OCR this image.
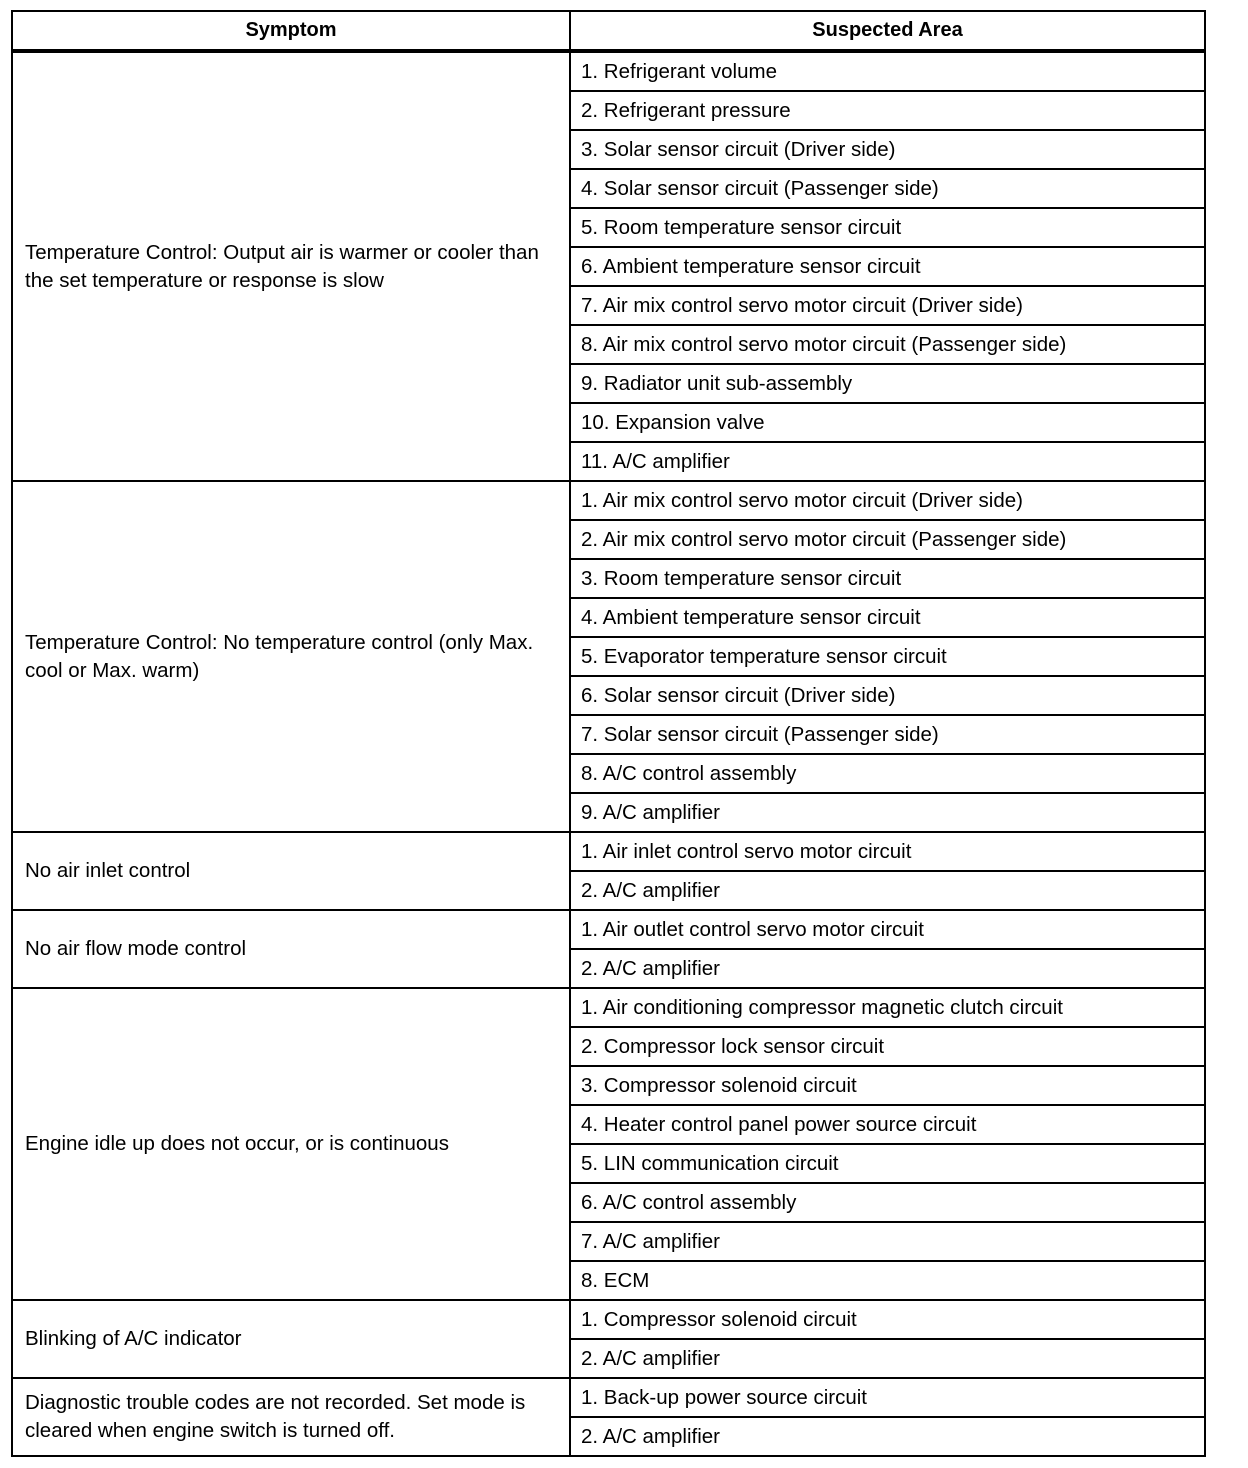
Symptom	Suspected Area
Temperature Control: Output air is warmer or cooler than the set temperature or response is slow	1. Refrigerant volume
	2. Refrigerant pressure
	3. Solar sensor circuit (Driver side)
	4. Solar sensor circuit (Passenger side)
	5. Room temperature sensor circuit
	6. Ambient temperature sensor circuit
	7. Air mix control servo motor circuit (Driver side)
	8. Air mix control servo motor circuit (Passenger side)
	9. Radiator unit sub-assembly
	10. Expansion valve
	11. A/C amplifier
Temperature Control: No temperature control (only Max. cool or Max. warm)	1. Air mix control servo motor circuit (Driver side)
	2. Air mix control servo motor circuit (Passenger side)
	3. Room temperature sensor circuit
	4. Ambient temperature sensor circuit
	5. Evaporator temperature sensor circuit
	6. Solar sensor circuit (Driver side)
	7. Solar sensor circuit (Passenger side)
	8. A/C control assembly
	9. A/C amplifier
No air inlet control	1. Air inlet control servo motor circuit
	2. A/C amplifier
No air flow mode control	1. Air outlet control servo motor circuit
	2. A/C amplifier
Engine idle up does not occur, or is continuous	1. Air conditioning compressor magnetic clutch circuit
	2. Compressor lock sensor circuit
	3. Compressor solenoid circuit
	4. Heater control panel power source circuit
	5. LIN communication circuit
	6. A/C control assembly
	7. A/C amplifier
	8. ECM
Blinking of A/C indicator	1. Compressor solenoid circuit
	2. A/C amplifier
Diagnostic trouble codes are not recorded. Set mode is cleared when engine switch is turned off.	1. Back-up power source circuit
	2. A/C amplifier
